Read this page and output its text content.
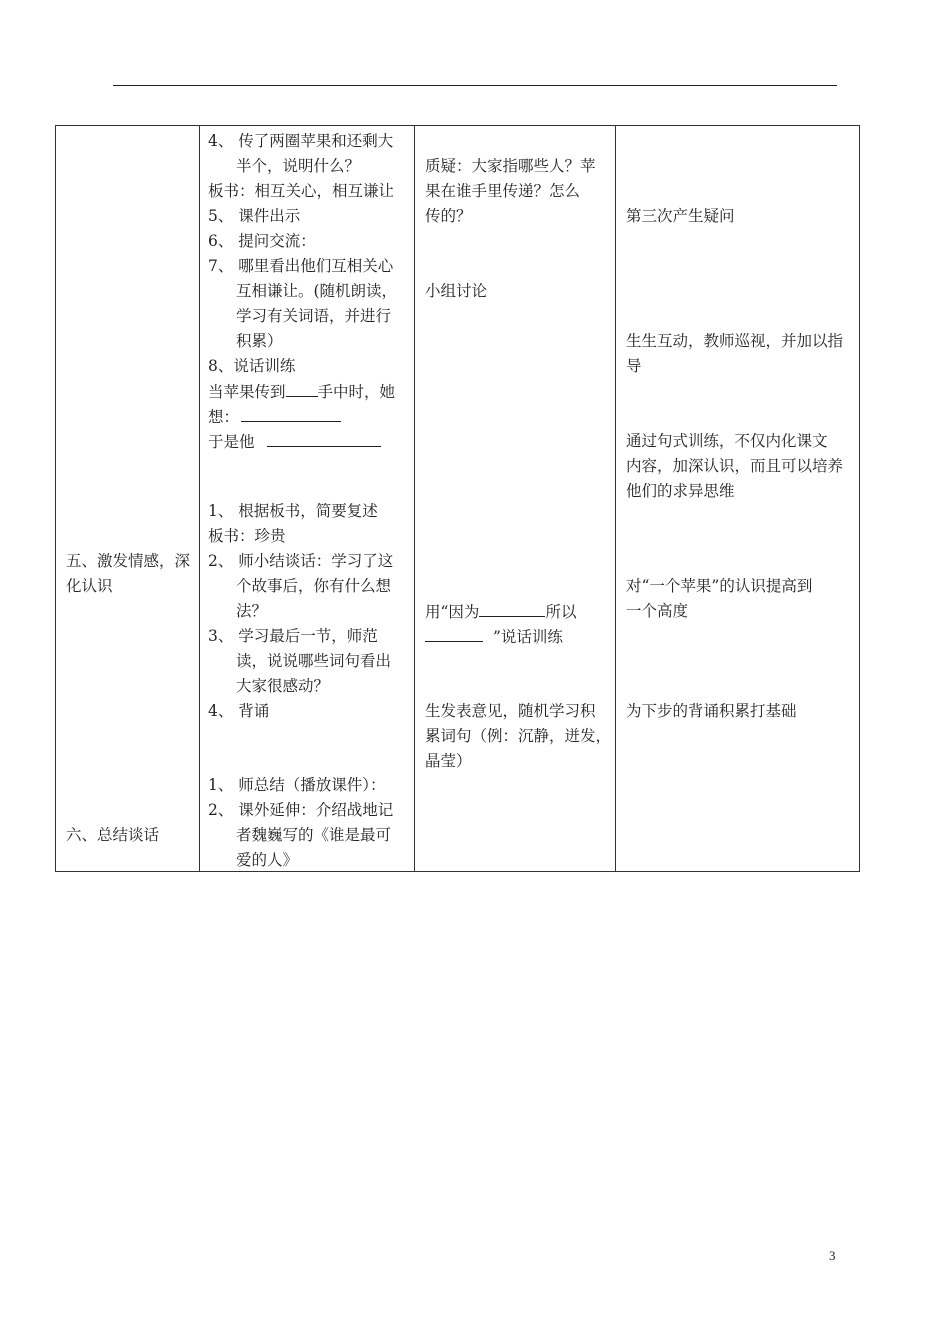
五、激发情感，深
化认识
六、总结谈话
4、 传了两圈苹果和还剩大
半个，说明什么？
板书：相互关心，相互谦让
5、 课件出示
6、 提问交流：
7、 哪里看出他们互相关心
互相谦让。(随机朗读，
学习有关词语，并进行
积累）
8、说话训练
当苹果传到 手中时，她
想：
于是他
1、 根据板书，简要复述
板书：珍贵
2、 师小结谈话：学习了这
个故事后，你有什么想
法？
3、 学习最后一节，师范
读，说说哪些词句看出
大家很感动？
4、 背诵
1、 师总结（播放课件）：
2、 课外延伸：介绍战地记
者魏巍写的《谁是最可
爱的人》
质疑：大家指哪些人？苹
果在谁手里传递？怎么
传的？
小组讨论
用“因为	所以
”说话训练
生发表意见，随机学习积
累词句（例：沉静，迸发，
晶莹）
第三次产生疑问
生生互动，教师巡视，并加以指
导
通过句式训练，不仅内化课文
内容，加深认识，而且可以培养
他们的求异思维
对“一个苹果”的认识提高到
一个高度
为下步的背诵积累打基础
3
